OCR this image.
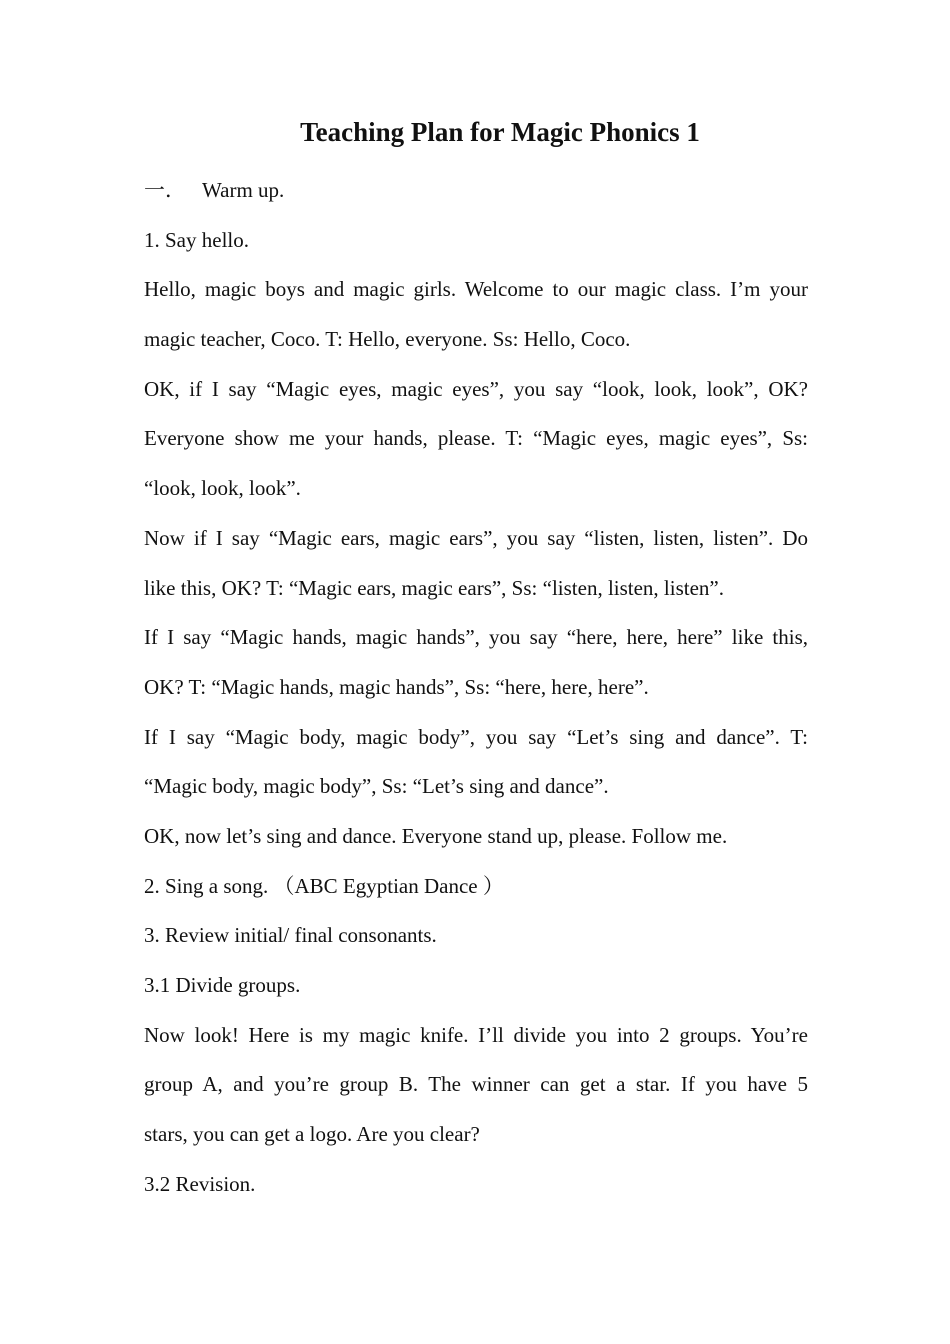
Teaching Plan for Magic Phonics 1
一． Warm up.
1. Say hello.
Hello, magic boys and magic girls. Welcome to our magic class. I’m your
magic teacher, Coco. T: Hello, everyone. Ss: Hello, Coco.
OK, if I say “Magic eyes, magic eyes”, you say “look, look, look”, OK?
Everyone show me your hands, please. T: “Magic eyes, magic eyes”, Ss:
“look, look, look”.
Now if I say “Magic ears, magic ears”, you say “listen, listen, listen”. Do
like this, OK? T: “Magic ears, magic ears”, Ss: “listen, listen, listen”.
If I say “Magic hands, magic hands”, you say “here, here, here” like this,
OK? T: “Magic hands, magic hands”, Ss: “here, here, here”.
If I say “Magic body, magic body”, you say “Let’s sing and dance”. T:
“Magic body, magic body”, Ss: “Let’s sing and dance”.
OK, now let’s sing and dance. Everyone stand up, please. Follow me.
2. Sing a song. （ABC Egyptian Dance ）
3. Review initial/ final consonants.
3.1 Divide groups.
Now look! Here is my magic knife. I’ll divide you into 2 groups. You’re
group A, and you’re group B. The winner can get a star. If you have 5
stars, you can get a logo. Are you clear?
3.2 Revision.
